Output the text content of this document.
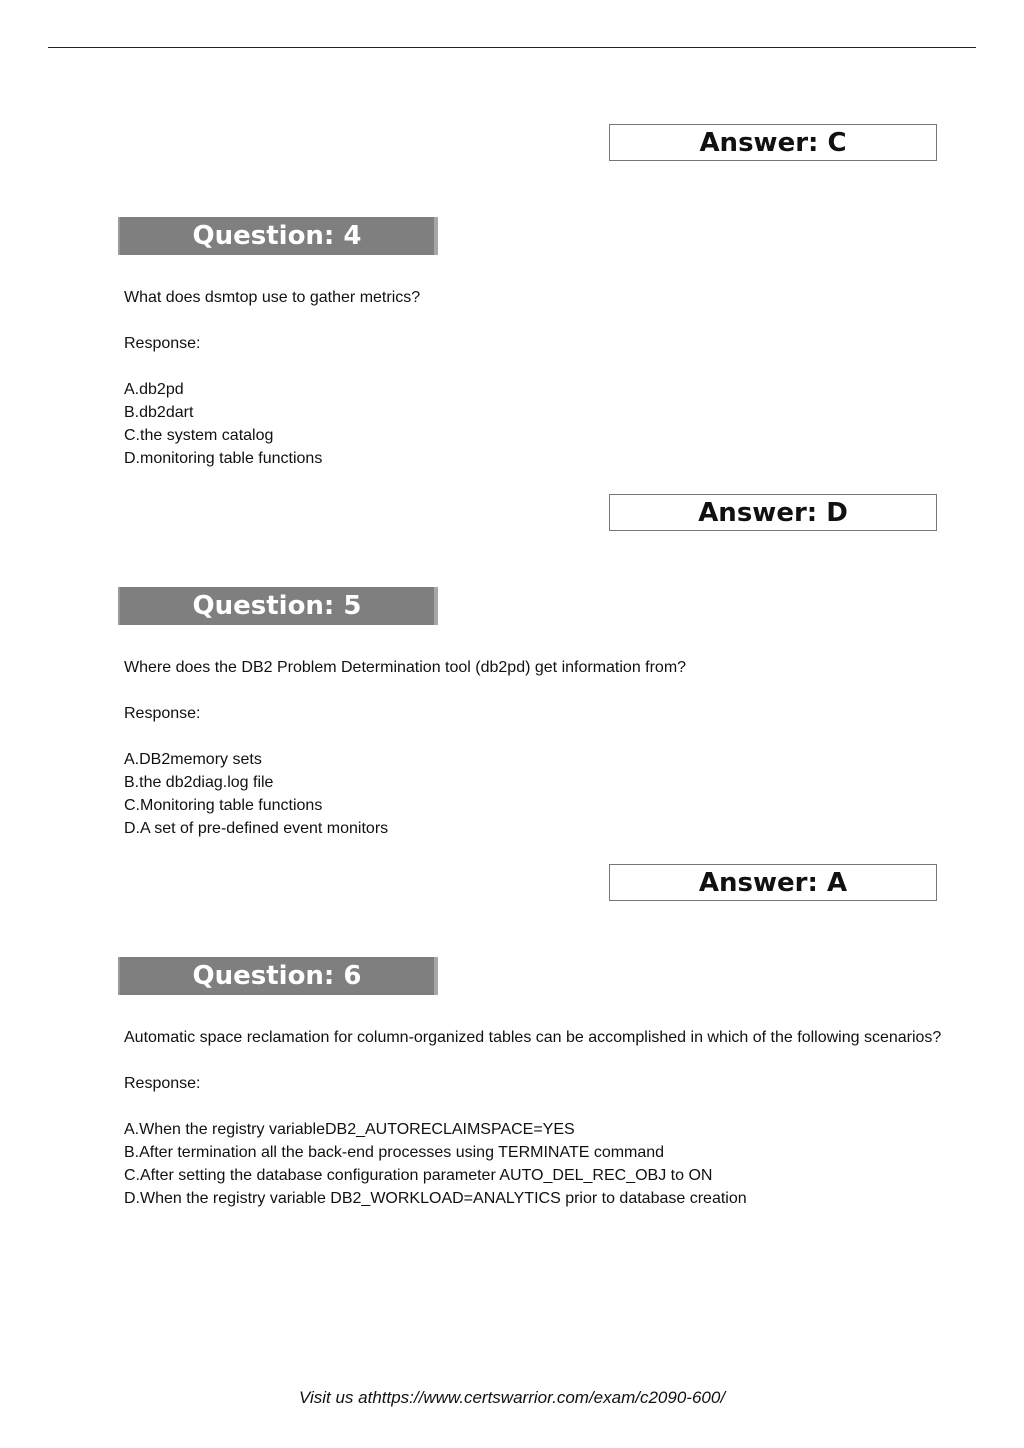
Answer: C
Question: 4

What does dsmtop use to gather metrics?

Response:

A.db2pd

B.db2dart

C.the system catalog

D.monitoring table functions

Answer: D
Question: 5

Where does the DB2 Problem Determination tool (db2pd) get information from?

Response:

A.DB2memory sets

B.the db2diag.log file

C.Monitoring table functions

D.A set of pre-defined event monitors

Answer: A
Question: 6

Automatic space reclamation for column-organized tables can be accomplished in which of the following scenarios?

Response:

A.When the registry variableDB2_AUTORECLAIMSPACE=YES

B.After termination all the back-end processes using TERMINATE command

C.After setting the database configuration parameter AUTO_DEL_REC_OBJ to ON

D.When the registry variable DB2_WORKLOAD=ANALYTICS prior to database creation

Visit us athttps://www.certswarrior.com/exam/c2090-600/
